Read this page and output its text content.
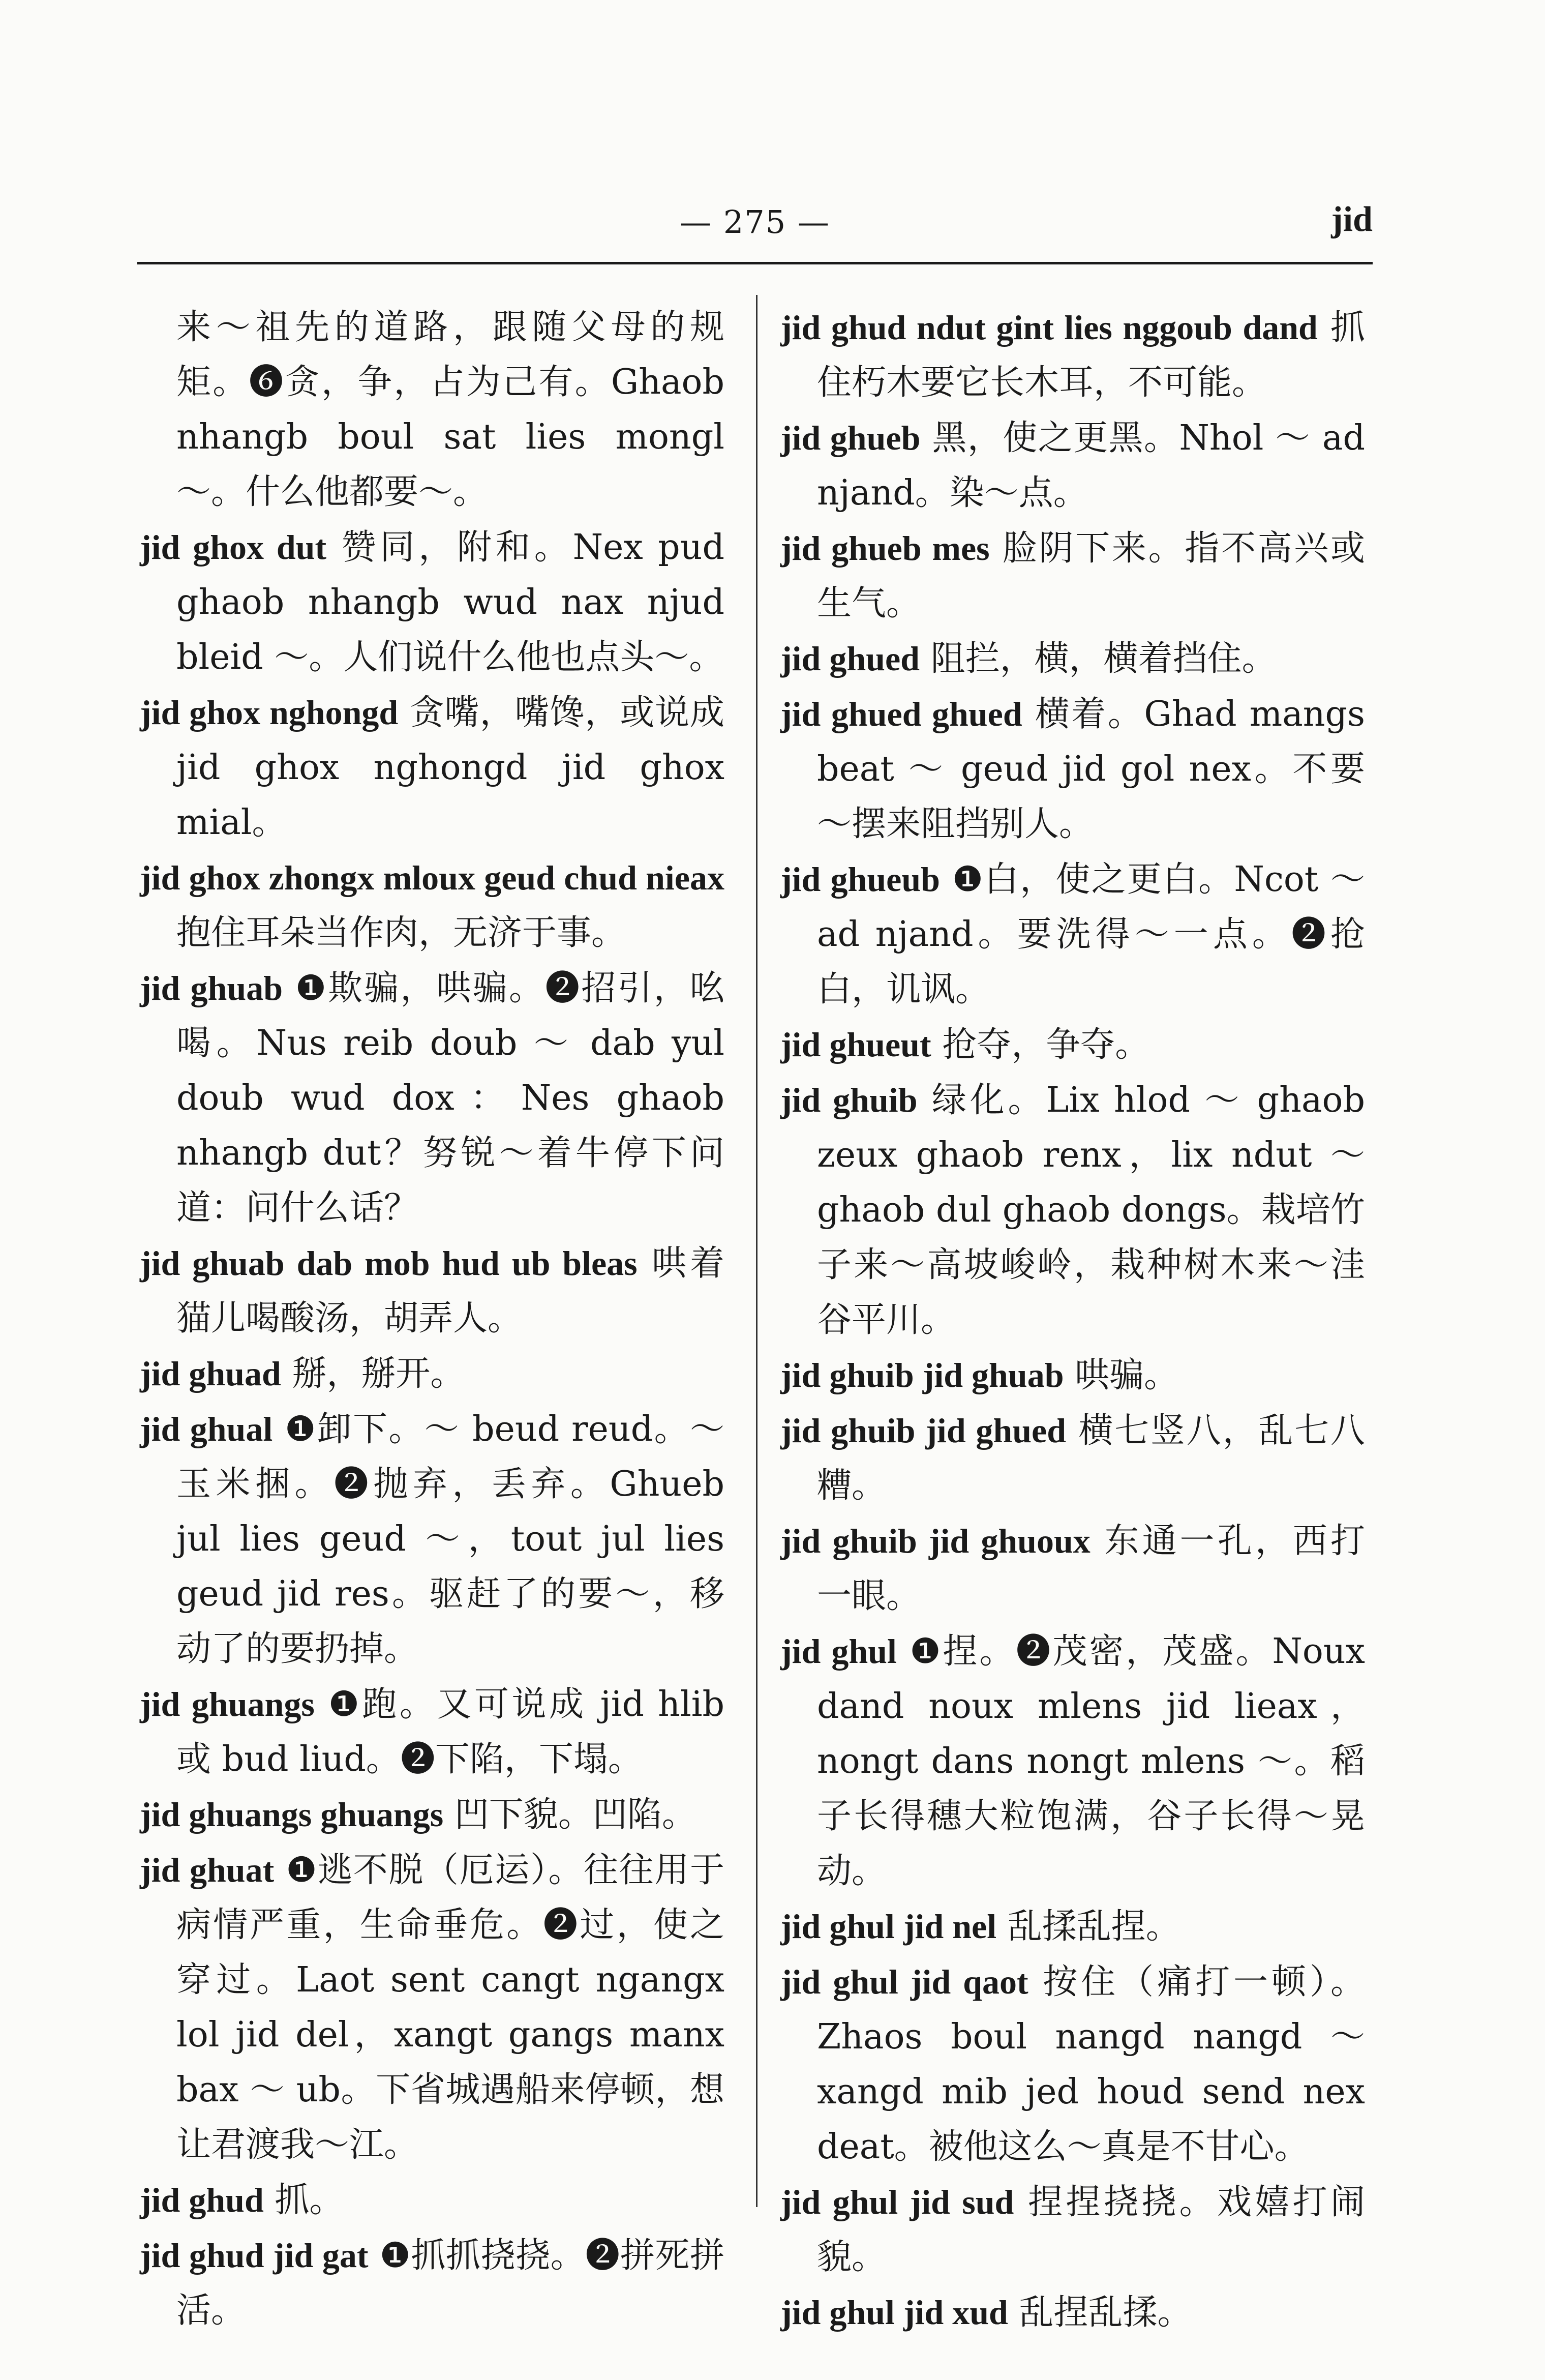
— 275 —	jid

来～祖先的道路，跟随父母的规矩。❻贪，争，占为己有。Ghaob nhangb boul sat lies mongl ～。什么他都要～。

jid ghox dut 赞同，附和。Nex pud ghaob nhangb wud nax njud bleid ～。人们说什么他也点头～。

jid ghox nghongd 贪嘴，嘴馋，或说成 jid ghox nghongd jid ghox mial。

jid ghox zhongx mloux geud chud nieax 抱住耳朵当作肉，无济于事。

jid ghuab ❶欺骗，哄骗。❷招引，吆喝。Nus reib doub ～ dab yul doub wud dox：Nes ghaob nhangb dut？努锐～着牛停下问道：问什么话？

jid ghuab dab mob hud ub bleas 哄着猫儿喝酸汤，胡弄人。

jid ghuad 掰，掰开。

jid ghual ❶卸下。～ beud reud。～玉米捆。❷抛弃，丢弃。Ghueb jul lies geud ～，tout jul lies geud jid res。驱赶了的要～，移动了的要扔掉。

jid ghuangs ❶跑。又可说成 jid hlib 或 bud liud。❷下陷，下塌。

jid ghuangs ghuangs 凹下貌。凹陷。

jid ghuat ❶逃不脱（厄运）。往往用于病情严重，生命垂危。❷过，使之穿过。Laot sent cangt ngangx lol jid del，xangt gangs manx bax ～ ub。下省城遇船来停顿，想让君渡我～江。

jid ghud 抓。

jid ghud jid gat ❶抓抓挠挠。❷拼死拼活。

jid ghud ndut gint lies nggoub dand 抓住朽木要它长木耳，不可能。

jid ghueb 黑，使之更黑。Nhol ～ ad njand。染～点。

jid ghueb mes 脸阴下来。指不高兴或生气。

jid ghued 阻拦，横，横着挡住。

jid ghued ghued 横着。Ghad mangs beat ～ geud jid gol nex。不要～摆来阻挡别人。

jid ghueub ❶白，使之更白。Ncot ～ ad njand。要洗得～一点。❷抢白，讥讽。

jid ghueut 抢夺，争夺。

jid ghuib 绿化。Lix hlod ～ ghaob zeux ghaob renx，lix ndut ～ ghaob dul ghaob dongs。栽培竹子来～高坡峻岭，栽种树木来～洼谷平川。

jid ghuib jid ghuab 哄骗。

jid ghuib jid ghued 横七竖八，乱七八糟。

jid ghuib jid ghuoux 东通一孔，西打一眼。

jid ghul ❶捏。❷茂密，茂盛。Noux dand noux mlens jid lieax，nongt dans nongt mlens ～。稻子长得穗大粒饱满，谷子长得～晃动。

jid ghul jid nel 乱揉乱捏。

jid ghul jid qaot 按住（痛打一顿）。Zhaos boul nangd nangd ～ xangd mib jed houd send nex deat。被他这么～真是不甘心。

jid ghul jid sud 捏捏挠挠。戏嬉打闹貌。

jid ghul jid xud 乱捏乱揉。
